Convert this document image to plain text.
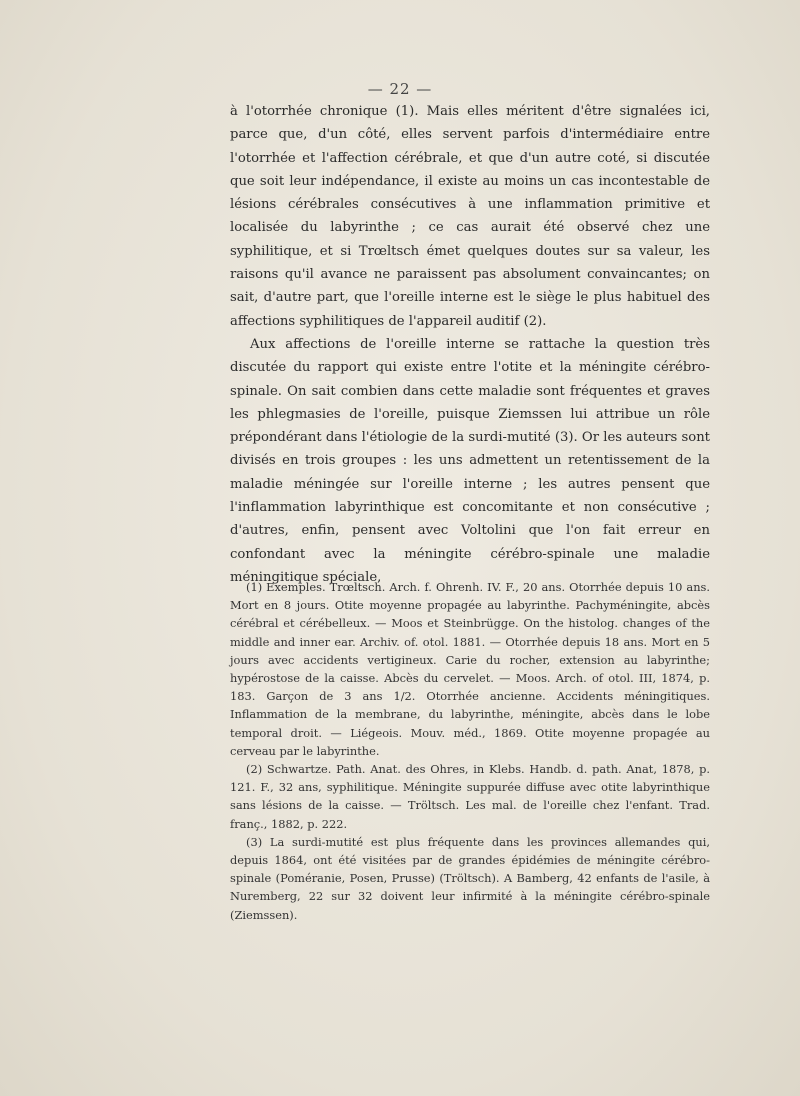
— 22 —

à l'otorrhée chronique (1). Mais elles méritent d'être signalées ici, parce que, d'un côté, elles servent parfois d'intermédiaire entre l'otorrhée et l'affection cérébrale, et que d'un autre coté, si discutée que soit leur indépendance, il existe au moins un cas incontestable de lésions cérébrales consécutives à une inflammation primitive et localisée du labyrinthe ; ce cas aurait été observé chez une syphilitique, et si Trœltsch émet quelques doutes sur sa valeur, les raisons qu'il avance ne paraissent pas absolument convaincantes; on sait, d'autre part, que l'oreille interne est le siège le plus habituel des affections syphilitiques de l'appareil auditif (2).

Aux affections de l'oreille interne se rattache la question très discutée du rapport qui existe entre l'otite et la méningite cérébro-spinale. On sait combien dans cette maladie sont fréquentes et graves les phlegmasies de l'oreille, puisque Ziemssen lui attribue un rôle prépondérant dans l'étiologie de la surdi-mutité (3). Or les auteurs sont divisés en trois groupes : les uns admettent un retentissement de la maladie méningée sur l'oreille interne ; les autres pensent que l'inflammation labyrinthique est concomitante et non consécutive ; d'autres, enfin, pensent avec Voltolini que l'on fait erreur en confondant avec la méningite cérébro-spinale une maladie méningitique spéciale,

(1) Exemples. Trœltsch. Arch. f. Ohrenh. IV. F., 20 ans. Otorrhée depuis 10 ans. Mort en 8 jours. Otite moyenne propagée au labyrinthe. Pachyméningite, abcès cérébral et cérébelleux. — Moos et Steinbrügge. On the histolog. changes of the middle and inner ear. Archiv. of. otol. 1881. — Otorrhée depuis 18 ans. Mort en 5 jours avec accidents vertigineux. Carie du rocher, extension au labyrinthe; hypérostose de la caisse. Abcès du cervelet. — Moos. Arch. of otol. III, 1874, p. 183. Garçon de 3 ans 1/2. Otorrhée ancienne. Accidents méningitiques. Inflammation de la membrane, du labyrinthe, méningite, abcès dans le lobe temporal droit. — Liégeois. Mouv. méd., 1869. Otite moyenne propagée au cerveau par le labyrinthe.

(2) Schwartze. Path. Anat. des Ohres, in Klebs. Handb. d. path. Anat, 1878, p. 121. F., 32 ans, syphilitique. Méningite suppurée diffuse avec otite labyrinthique sans lésions de la caisse. — Tröltsch. Les mal. de l'oreille chez l'enfant. Trad. franç., 1882, p. 222.

(3) La surdi-mutité est plus fréquente dans les provinces allemandes qui, depuis 1864, ont été visitées par de grandes épidémies de méningite cérébro-spinale (Poméranie, Posen, Prusse) (Tröltsch). A Bamberg, 42 enfants de l'asile, à Nuremberg, 22 sur 32 doivent leur infirmité à la méningite cérébro-spinale (Ziemssen).
